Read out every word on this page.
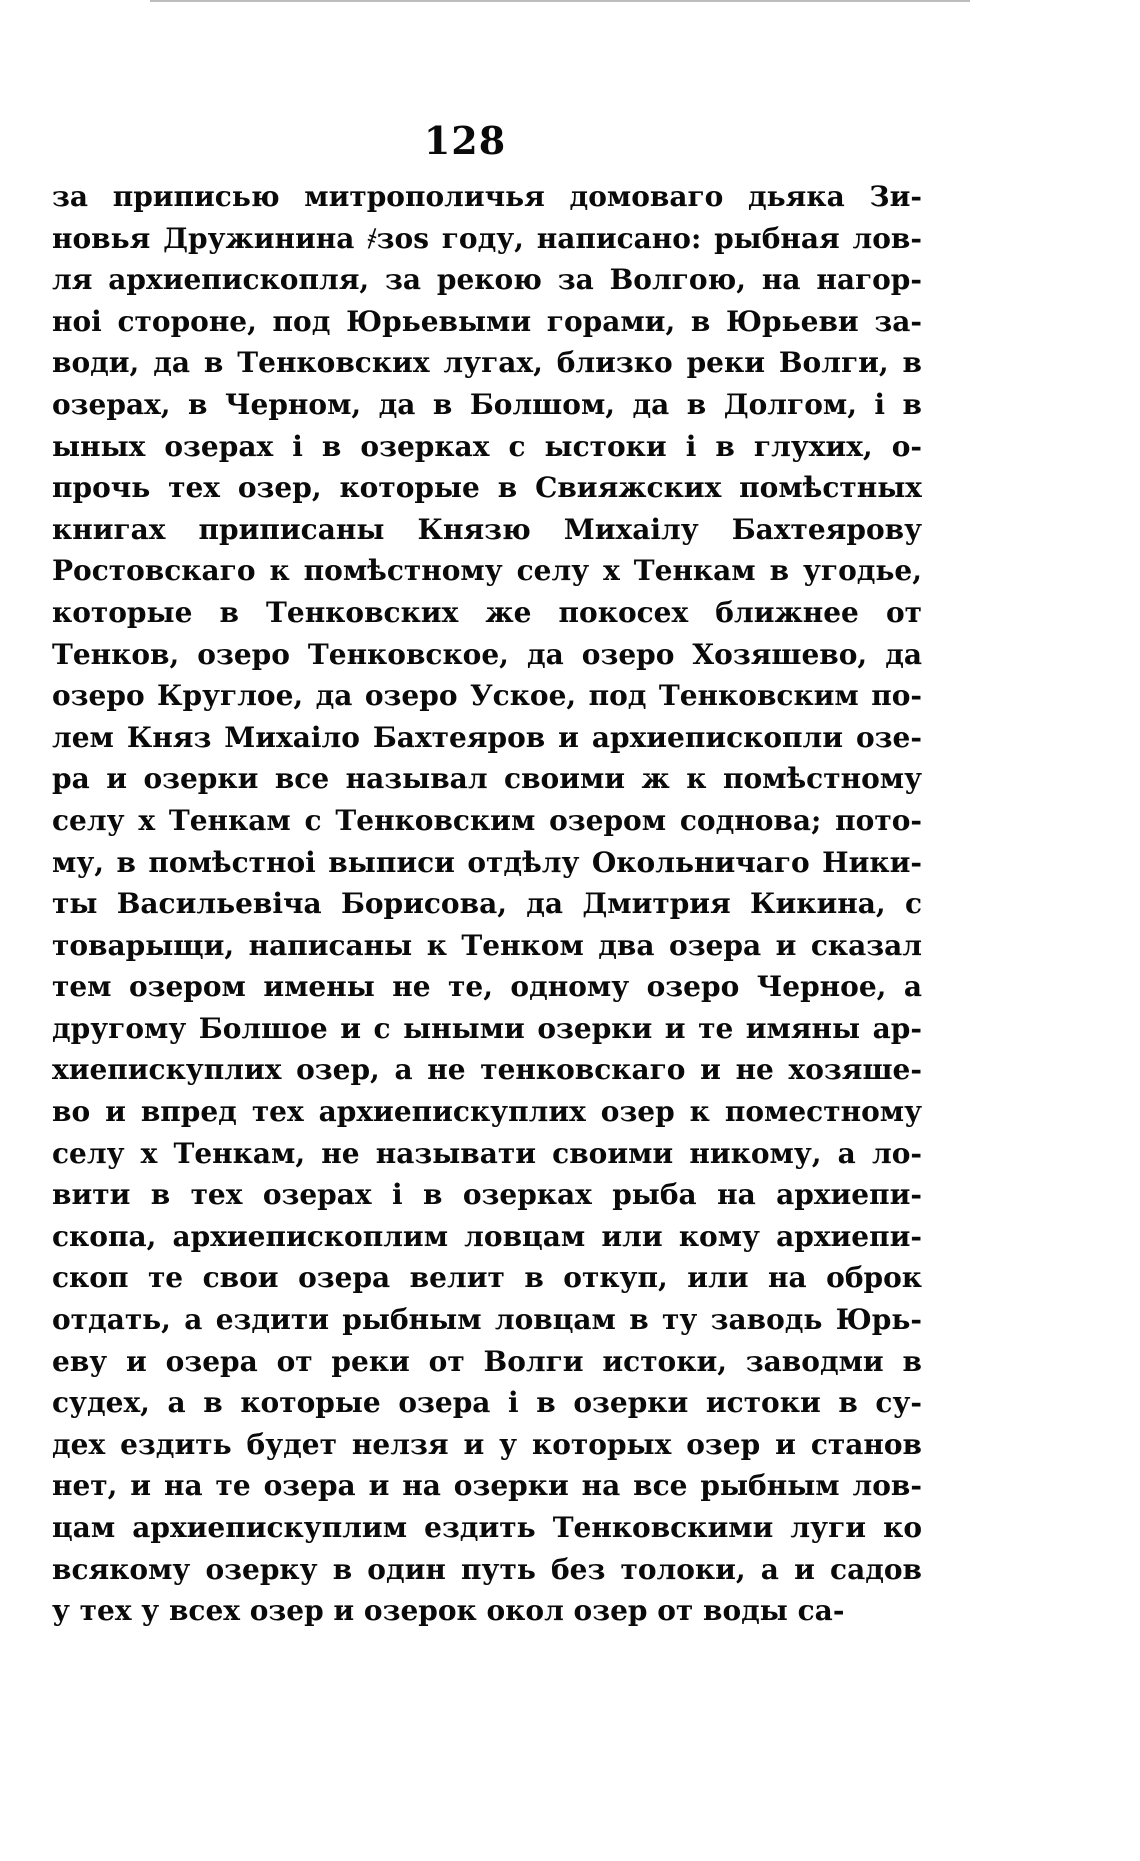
128
за приписью митрополичья домоваго дьяка Зи-
новья Дружинина ҂зоѕ году, написано: рыбная лов-
ля архиепископля, за рекою за Волгою, на нагор-
ноі стороне, под Юрьевыми горами, в Юрьеви за-
води, да в Тенковских лугах, близко реки Волги, в
озерах, в Черном, да в Болшом, да в Долгом, і в
ыных озерах і в озерках с ыстоки і в глухих, о-
прочь тех озер, которые в Свияжских помѣстных
книгах приписаны Князю Михаілу Бахтеярову
Ростовскаго к помѣстному селу х Тенкам в угодье,
которые в Тенковских же покосех ближнее от
Тенков, озеро Тенковское, да озеро Хозяшево, да
озеро Круглое, да озеро Уское, под Тенковским по-
лем Княз Михаіло Бахтеяров и архиепископли озе-
ра и озерки все называл своими ж к помѣстному
селу х Тенкам с Тенковским озером соднова; пото-
му, в помѣстноі выписи отдѣлу Окольничаго Ники-
ты Васильевіча Борисова, да Дмитрия Кикина, с
товарыщи, написаны к Тенком два озера и сказал
тем озером имены не те, одному озеро Черное, а
другому Болшое и с ыными озерки и те имяны ар-
хиепискуплих озер, а не тенковскаго и не хозяше-
во и впред тех архиепискуплих озер к поместному
селу х Тенкам, не называти своими никому, а ло-
вити в тех озерах і в озерках рыба на архиепи-
скопа, архиепископлим ловцам или кому архиепи-
скоп те свои озера велит в откуп, или на оброк
отдать, а ездити рыбным ловцам в ту заводь Юрь-
еву и озера от реки от Волги истоки, заводми в
судех, а в которые озера і в озерки истоки в су-
дех ездить будет нелзя и у которых озер и станов
нет, и на те озера и на озерки на все рыбным лов-
цам архиепискуплим ездить Тенковскими луги ко
всякому озерку в один путь без толоки, а и садов
у тех у всех озер и озерок окол озер от воды са-
